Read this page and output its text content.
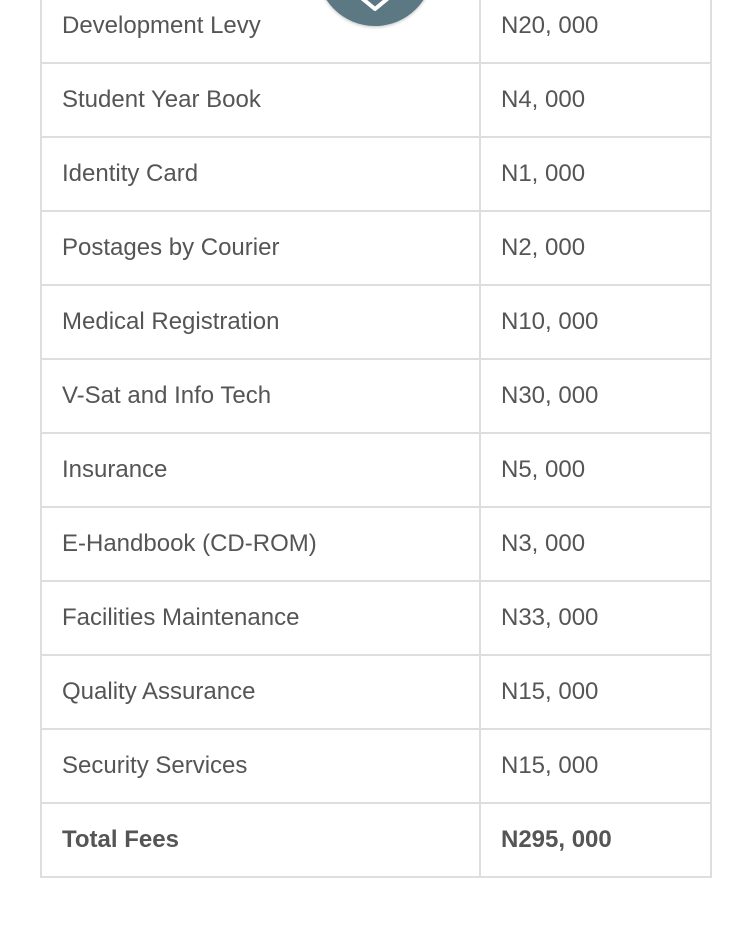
Development Levy	N20, 000
Student Year Book	N4, 000
Identity Card	N1, 000
Postages by Courier	N2, 000
Medical Registration	N10, 000
V-Sat and Info Tech	N30, 000
Insurance	N5, 000
E-Handbook (CD-ROM)	N3, 000
Facilities Maintenance	N33, 000
Quality Assurance	N15, 000
Security Services	N15, 000
Total Fees	N295, 000
